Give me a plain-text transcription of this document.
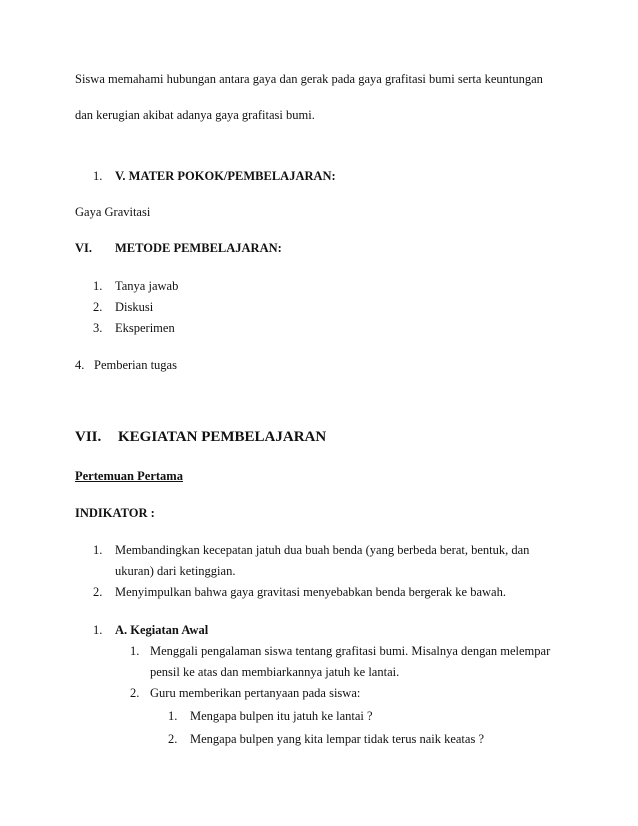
Siswa memahami hubungan antara gaya dan gerak pada gaya grafitasi bumi serta keuntungan
dan kerugian akibat adanya gaya grafitasi bumi.
1. V. MATER POKOK/PEMBELAJARAN:
Gaya Gravitasi
VI. METODE PEMBELAJARAN:
1. Tanya jawab
2. Diskusi
3. Eksperimen
4. Pemberian tugas
VII. KEGIATAN PEMBELAJARAN
Pertemuan Pertama
INDIKATOR :
1. Membandingkan kecepatan jatuh dua buah benda (yang berbeda berat, bentuk, dan
ukuran) dari ketinggian.
2. Menyimpulkan bahwa gaya gravitasi menyebabkan benda bergerak ke bawah.
1. A. Kegiatan Awal
1. Menggali pengalaman siswa tentang grafitasi bumi. Misalnya dengan melempar
pensil ke atas dan membiarkannya jatuh ke lantai.
2. Guru memberikan pertanyaan pada siswa:
1. Mengapa bulpen itu jatuh ke lantai ?
2. Mengapa bulpen yang kita lempar tidak terus naik keatas ?
